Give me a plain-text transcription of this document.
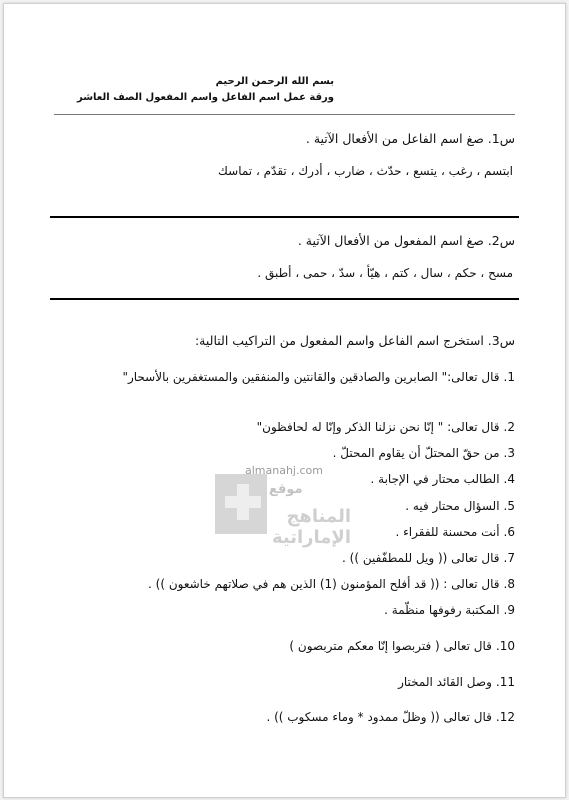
بسم الله الرحمن الرحيم
ورقة عمل اسم الفاعل واسم المفعول الصف العاشر
س1. صغ اسم الفاعل من الأفعال الآتية .
ابتسم ، رغب ، يتسع ، حدّث ، ضارب ، أدرك ، تقدّم ، تماسك
س2. صغ اسم المفعول من الأفعال الآتية .
مسح ، حكم ، سال ، كتم ، هيّأ ، سدّ ، حمى ، أطبق .
س3. استخرج اسم الفاعل واسم المفعول من التراكيب التالية:
1.قال تعالى:" الصابرين والصادقين والقانتين والمنفقين والمستغفرين بالأسحار"
2.قال تعالى: " إنّا نحن نزلنا الذكر وإنّا له لحافظون"
3.من حقّ المحتلّ أن يقاوم المحتلّ .
4.الطالب محتار في الإجابة .
5.السؤال محتار فيه .
6.أنت محسنة للفقراء .
7.قال تعالى (( ويل للمطفّفين )) .
8.قال تعالى : (( قد أفلح المؤمنون (1) الذين هم في صلاتهم خاشعون )) .
9.المكتبة رفوفها منظّمة .
10.قال تعالى ( فتربصوا إنّا معكم متربصون )
11.وصل القائد المختار
12.قال تعالى (( وظلّ ممدود * وماء مسكوب )) .
almanahj.com
موقع
المناهج الإماراتية
